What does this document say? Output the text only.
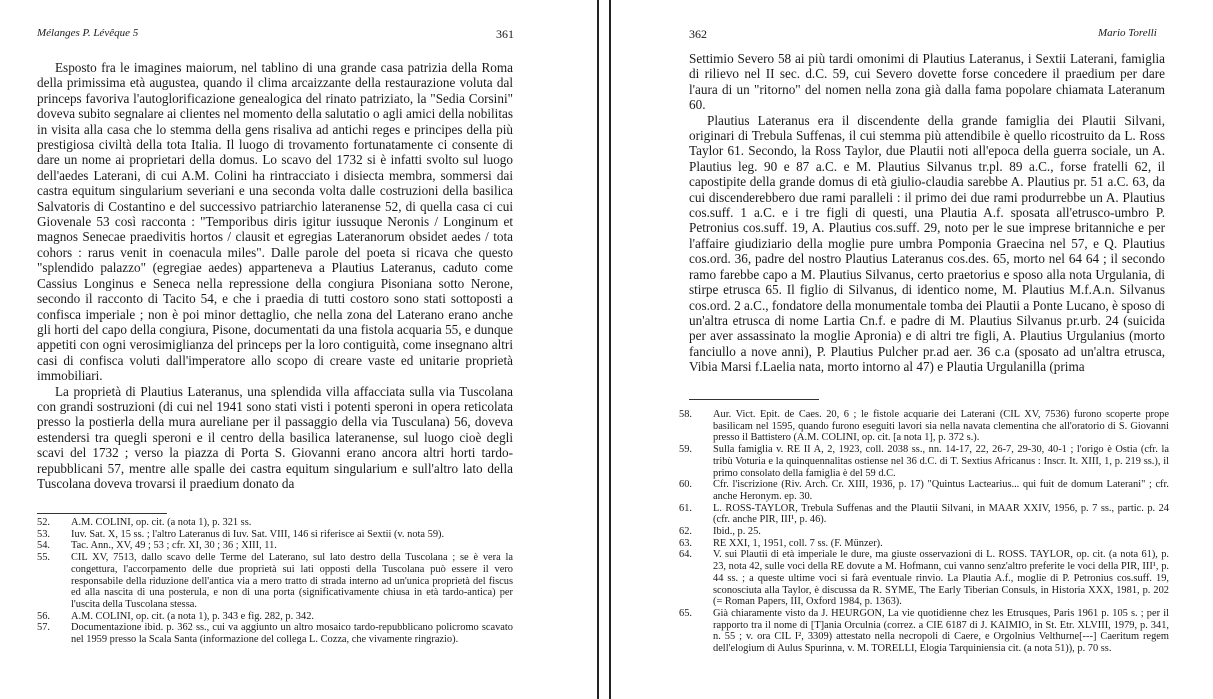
Mélanges P. Lévêque 5	361

Esposto fra le imagines maiorum, nel tablino di una grande casa patrizia della Roma della primissima età augustea, quando il clima arcaizzante della restaurazione voluta dal princeps favoriva l'autoglorificazione genealogica del rinato patriziato, la "Sedia Corsini" doveva subito segnalare ai clientes nel momento della salutatio o agli amici della nobilitas in visita alla casa che lo stemma della gens risaliva ad antichi reges e principes della più prestigiosa civiltà della tota Italia. Il luogo di trovamento fortunatamente ci consente di dare un nome ai proprietari della domus. Lo scavo del 1732 si è infatti svolto sul luogo dell'aedes Laterani, di cui A.M. Colini ha rintracciato i disiecta membra, sommersi dai castra equitum singularium severiani e una seconda volta dalle costruzioni della basilica Salvatoris di Costantino e del successivo patriarchio lateranense 52, di quella casa ci cui Giovenale 53 così racconta : "Temporibus diris igitur iussuque Neronis / Longinum et magnos Senecae praedivitis hortos / clausit et egregias Lateranorum obsidet aedes / tota cohors : rarus venit in coenacula miles". Dalle parole del poeta si ricava che questo "splendido palazzo" (egregiae aedes) apparteneva a Plautius Lateranus, caduto come Cassius Longinus e Seneca nella repressione della congiura Pisoniana sotto Nerone, secondo il racconto di Tacito 54, e che i praedia di tutti costoro sono stati sottoposti a confisca imperiale ; non è poi minor dettaglio, che nella zona del Laterano erano anche gli horti del capo della congiura, Pisone, documentati da una fistola acquaria 55, e dunque appetiti con ogni verosimiglianza del princeps per la loro contiguità, come insegnano altri casi di confisca voluti dall'imperatore allo scopo di creare vaste ed unitarie proprietà immobiliari.

La proprietà di Plautius Lateranus, una splendida villa affacciata sulla via Tuscolana con grandi sostruzioni (di cui nel 1941 sono stati visti i potenti speroni in opera reticolata presso la postierla della mura aureliane per il passaggio della via Tusculana) 56, doveva estendersi tra quegli speroni e il centro della basilica lateranense, sul luogo cioè degli scavi del 1732 ; verso la piazza di Porta S. Giovanni erano ancora altri horti tardo-repubblicani 57, mentre alle spalle dei castra equitum singularium e sull'altro lato della Tuscolana doveva trovarsi il praedium donato da

52.	A.M. COLINI, op. cit. (a nota 1), p. 321 ss.
53.	Iuv. Sat. X, 15 ss. ; l'altro Lateranus di Iuv. Sat. VIII, 146 si riferisce ai Sextii (v. nota 59).
54.	Tac. Ann., XV, 49 ; 53 ; cfr. XI, 30 ; 36 ; XIII, 11.
55.	CIL XV, 7513, dallo scavo delle Terme del Laterano, sul lato destro della Tuscolana ; se è vera la congettura, l'accorpamento delle due proprietà sui lati opposti della Tuscolana può essere il vero responsabile della riduzione dell'antica via a mero tratto di strada interno ad un'unica proprietà del fiscus ed alla nascita di una posterula, e non di una porta (significativamente chiusa in età tardo-antica) per l'uscita della Tuscolana stessa.
56.	A.M. COLINI, op. cit. (a nota 1), p. 343 e fig. 282, p. 342.
57.	Documentazione ibid. p. 362 ss., cui va aggiunto un altro mosaico tardo-repubblicano policromo scavato nel 1959 presso la Scala Santa (informazione del collega L. Cozza, che vivamente ringrazio).
362	Mario Torelli

Settimio Severo 58 ai più tardi omonimi di Plautius Lateranus, i Sextii Laterani, famiglia di rilievo nel II sec. d.C. 59, cui Severo dovette forse concedere il praedium per dare l'aura di un "ritorno" del nomen nella zona già dalla fama popolare chiamata Lateranum 60.

Plautius Lateranus era il discendente della grande famiglia dei Plautii Silvani, originari di Trebula Suffenas, il cui stemma più attendibile è quello ricostruito da L. Ross Taylor 61. Secondo, la Ross Taylor, due Plautii noti all'epoca della guerra sociale, un A. Plautius leg. 90 e 87 a.C. e M. Plautius Silvanus tr.pl. 89 a.C., forse fratelli 62, il capostipite della grande domus di età giulio-claudia sarebbe A. Plautius pr. 51 a.C. 63, da cui discenderebbero due rami paralleli : il primo dei due rami produrrebbe un A. Plautius cos.suff. 1 a.C. e i tre figli di questi, una Plautia A.f. sposata all'etrusco-umbro P. Petronius cos.suff. 19, A. Plautius cos.suff. 29, noto per le sue imprese britanniche e per l'affaire giudiziario della moglie pure umbra Pomponia Graecina nel 57, e Q. Plautius cos.ord. 36, padre del nostro Plautius Lateranus cos.des. 65, morto nel 64 64 ; il secondo ramo farebbe capo a M. Plautius Silvanus, certo praetorius e sposo alla nota Urgulania, di stirpe etrusca 65. Il figlio di Silvanus, di identico nome, M. Plautius M.f.A.n. Silvanus cos.ord. 2 a.C., fondatore della monumentale tomba dei Plautii a Ponte Lucano, è sposo di un'altra etrusca di nome Lartia Cn.f. e padre di M. Plautius Silvanus pr.urb. 24 (suicida per aver assassinato la moglie Apronia) e di altri tre figli, A. Plautius Urgulanius (morto fanciullo a nove anni), P. Plautius Pulcher pr.ad aer. 36 c.a (sposato ad un'altra etrusca, Vibia Marsi f.Laelia nata, morto intorno al 47) e Plautia Urgulanilla (prima

58.	Aur. Vict. Epit. de Caes. 20, 6 ; le fistole acquarie dei Laterani (CIL XV, 7536) furono scoperte prope basilicam nel 1595, quando furono eseguiti lavori sia nella navata clementina che all'oratorio di S. Giovanni presso il Battistero (A.M. COLINI, op. cit. [a nota 1], p. 372 s.).
59.	Sulla famiglia v. RE II A, 2, 1923, coll. 2038 ss., nn. 14-17, 22, 26-7, 29-30, 40-1 ; l'origo è Ostia (cfr. la tribù Voturia e la quinquennalitas ostiense nel 36 d.C. di T. Sextius Africanus : Inscr. It. XIII, 1, p. 219 ss.), il primo consolato della famiglia è del 59 d.C.
60.	Cfr. l'iscrizione (Riv. Arch. Cr. XIII, 1936, p. 17) "Quintus Lactearius... qui fuit de domum Laterani" ; cfr. anche Heronym. ep. 30.
61.	L. ROSS-TAYLOR, Trebula Suffenas and the Plautii Silvani, in MAAR XXIV, 1956, p. 7 ss., partic. p. 24 (cfr. anche PIR, III¹, p. 46).
62.	Ibid., p. 25.
63.	RE XXI, 1, 1951, coll. 7 ss. (F. Münzer).
64.	V. sui Plautii di età imperiale le dure, ma giuste osservazioni di L. ROSS. TAYLOR, op. cit. (a nota 61), p. 23, nota 42, sulle voci della RE dovute a M. Hofmann, cui vanno senz'altro preferite le voci della PIR, III¹, p. 44 ss. ; a queste ultime voci si farà eventuale rinvio. La Plautia A.f., moglie di P. Petronius cos.suff. 19, sconosciuta alla Taylor, è discussa da R. SYME, The Early Tiberian Consuls, in Historia XXX, 1981, p. 202 (= Roman Papers, III, Oxford 1984, p. 1363).
65.	Già chiaramente visto da J. HEURGON, La vie quotidienne chez les Etrusques, Paris 1961 p. 105 s. ; per il rapporto tra il nome di [T]ania Orculnia (correz. a CIE 6187 di J. KAIMIO, in St. Etr. XLVIII, 1979, p. 341, n. 55 ; v. ora CIL I², 3309) attestato nella necropoli di Caere, e Orgolnius Velthurne[---] Caeritum regem dell'elogium di Aulus Spurinna, v. M. TORELLI, Elogia Tarquiniensia cit. (a nota 51)), p. 70 ss.
